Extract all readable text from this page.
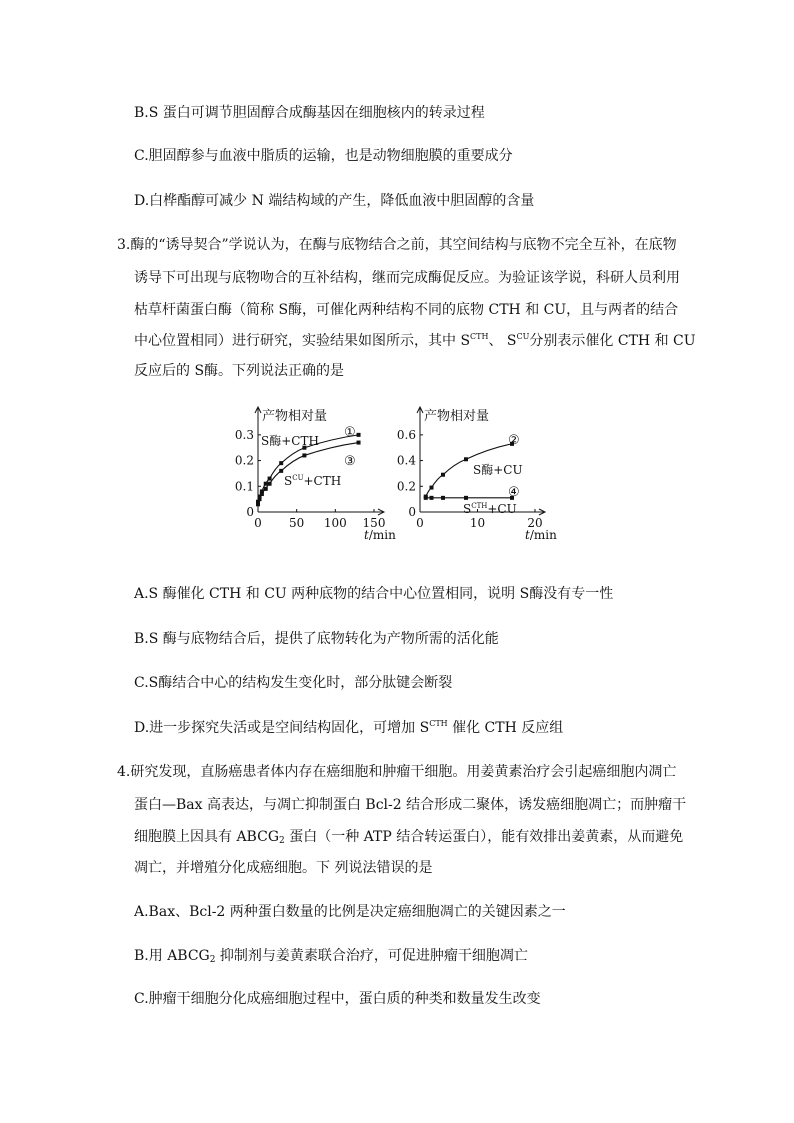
B.S 蛋白可调节胆固醇合成酶基因在细胞核内的转录过程
C.胆固醇参与血液中脂质的运输，也是动物细胞膜的重要成分
D.白桦酯醇可减少 N 端结构域的产生，降低血液中胆固醇的含量
3.酶的“诱导契合”学说认为，在酶与底物结合之前，其空间结构与底物不完全互补，在底物
诱导下可出现与底物吻合的互补结构，继而完成酶促反应。为验证该学说，科研人员利用
枯草杆菌蛋白酶（简称 S酶，可催化两种结构不同的底物 CTH 和 CU，且与两者的结合
中心位置相同）进行研究，实验结果如图所示，其中 $S^{CTH}$、 $S^{CU}$分别表示催化 CTH 和 CU
反应后的 S酶。下列说法正确的是
产物相对量
0
0.1
0.2
0.3
0 50 100 150
t/min
S酶+CTH
①
$S^{CU}+CTH$
③
产物相对量
0
0.2
0.4
0.6
0	10	20
t/min
S酶+CU
②
$S^{CTH}+CU$
④
A.S 酶催化 CTH 和 CU 两种底物的结合中心位置相同，说明 S酶没有专一性
B.S 酶与底物结合后，提供了底物转化为产物所需的活化能
C.S酶结合中心的结构发生变化时，部分肽键会断裂
D.进一步探究失活或是空间结构固化，可增加 $S^{CTH}$ 催化 CTH 反应组
4.研究发现，直肠癌患者体内存在癌细胞和肿瘤干细胞。用姜黄素治疗会引起癌细胞内凋亡
蛋白—Bax 高表达，与凋亡抑制蛋白 Bcl-2 结合形成二聚体，诱发癌细胞凋亡；而肿瘤干
细胞膜上因具有 $ABCG_2$ 蛋白（一种 ATP 结合转运蛋白），能有效排出姜黄素，从而避免
凋亡，并增殖分化成癌细胞。下 列说法错误的是
A.Bax、Bcl-2 两种蛋白数量的比例是决定癌细胞凋亡的关键因素之一
B.用 $ABCG_2$ 抑制剂与姜黄素联合治疗，可促进肿瘤干细胞凋亡
C.肿瘤干细胞分化成癌细胞过程中，蛋白质的种类和数量发生改变
